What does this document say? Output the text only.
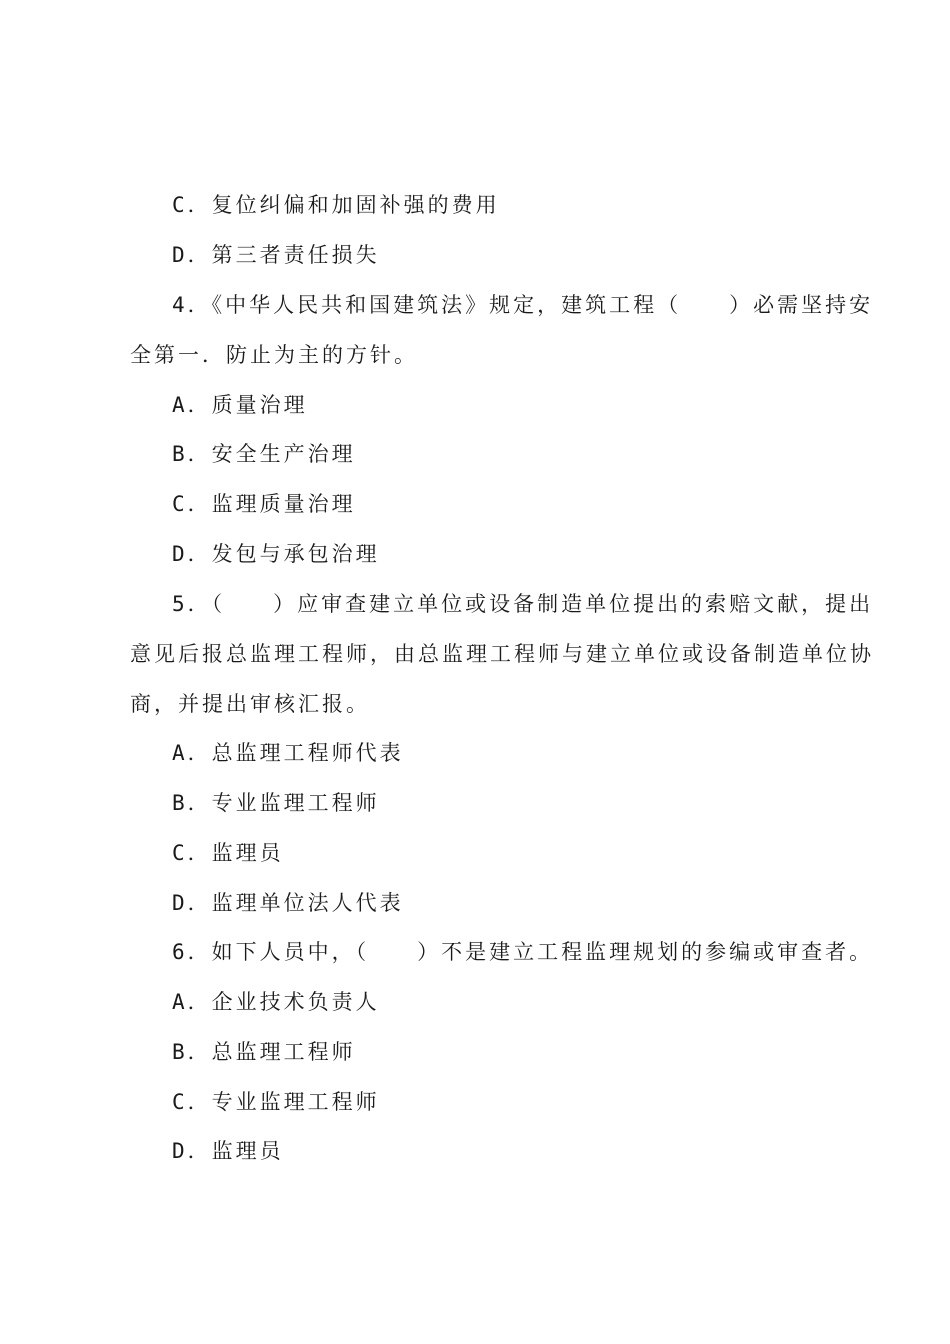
C．复位纠偏和加固补强的费用
D．第三者责任损失
4．《中华人民共和国建筑法》规定，建筑工程（　　）必需坚持安
全第一．防止为主的方针。
A．质量治理
B．安全生产治理
C．监理质量治理
D．发包与承包治理
5．（　　）应审查建立单位或设备制造单位提出的索赔文献，提出
意见后报总监理工程师，由总监理工程师与建立单位或设备制造单位协
商，并提出审核汇报。
A．总监理工程师代表
B．专业监理工程师
C．监理员
D．监理单位法人代表
6．如下人员中，（　　）不是建立工程监理规划的参编或审查者。
A．企业技术负责人
B．总监理工程师
C．专业监理工程师
D．监理员
